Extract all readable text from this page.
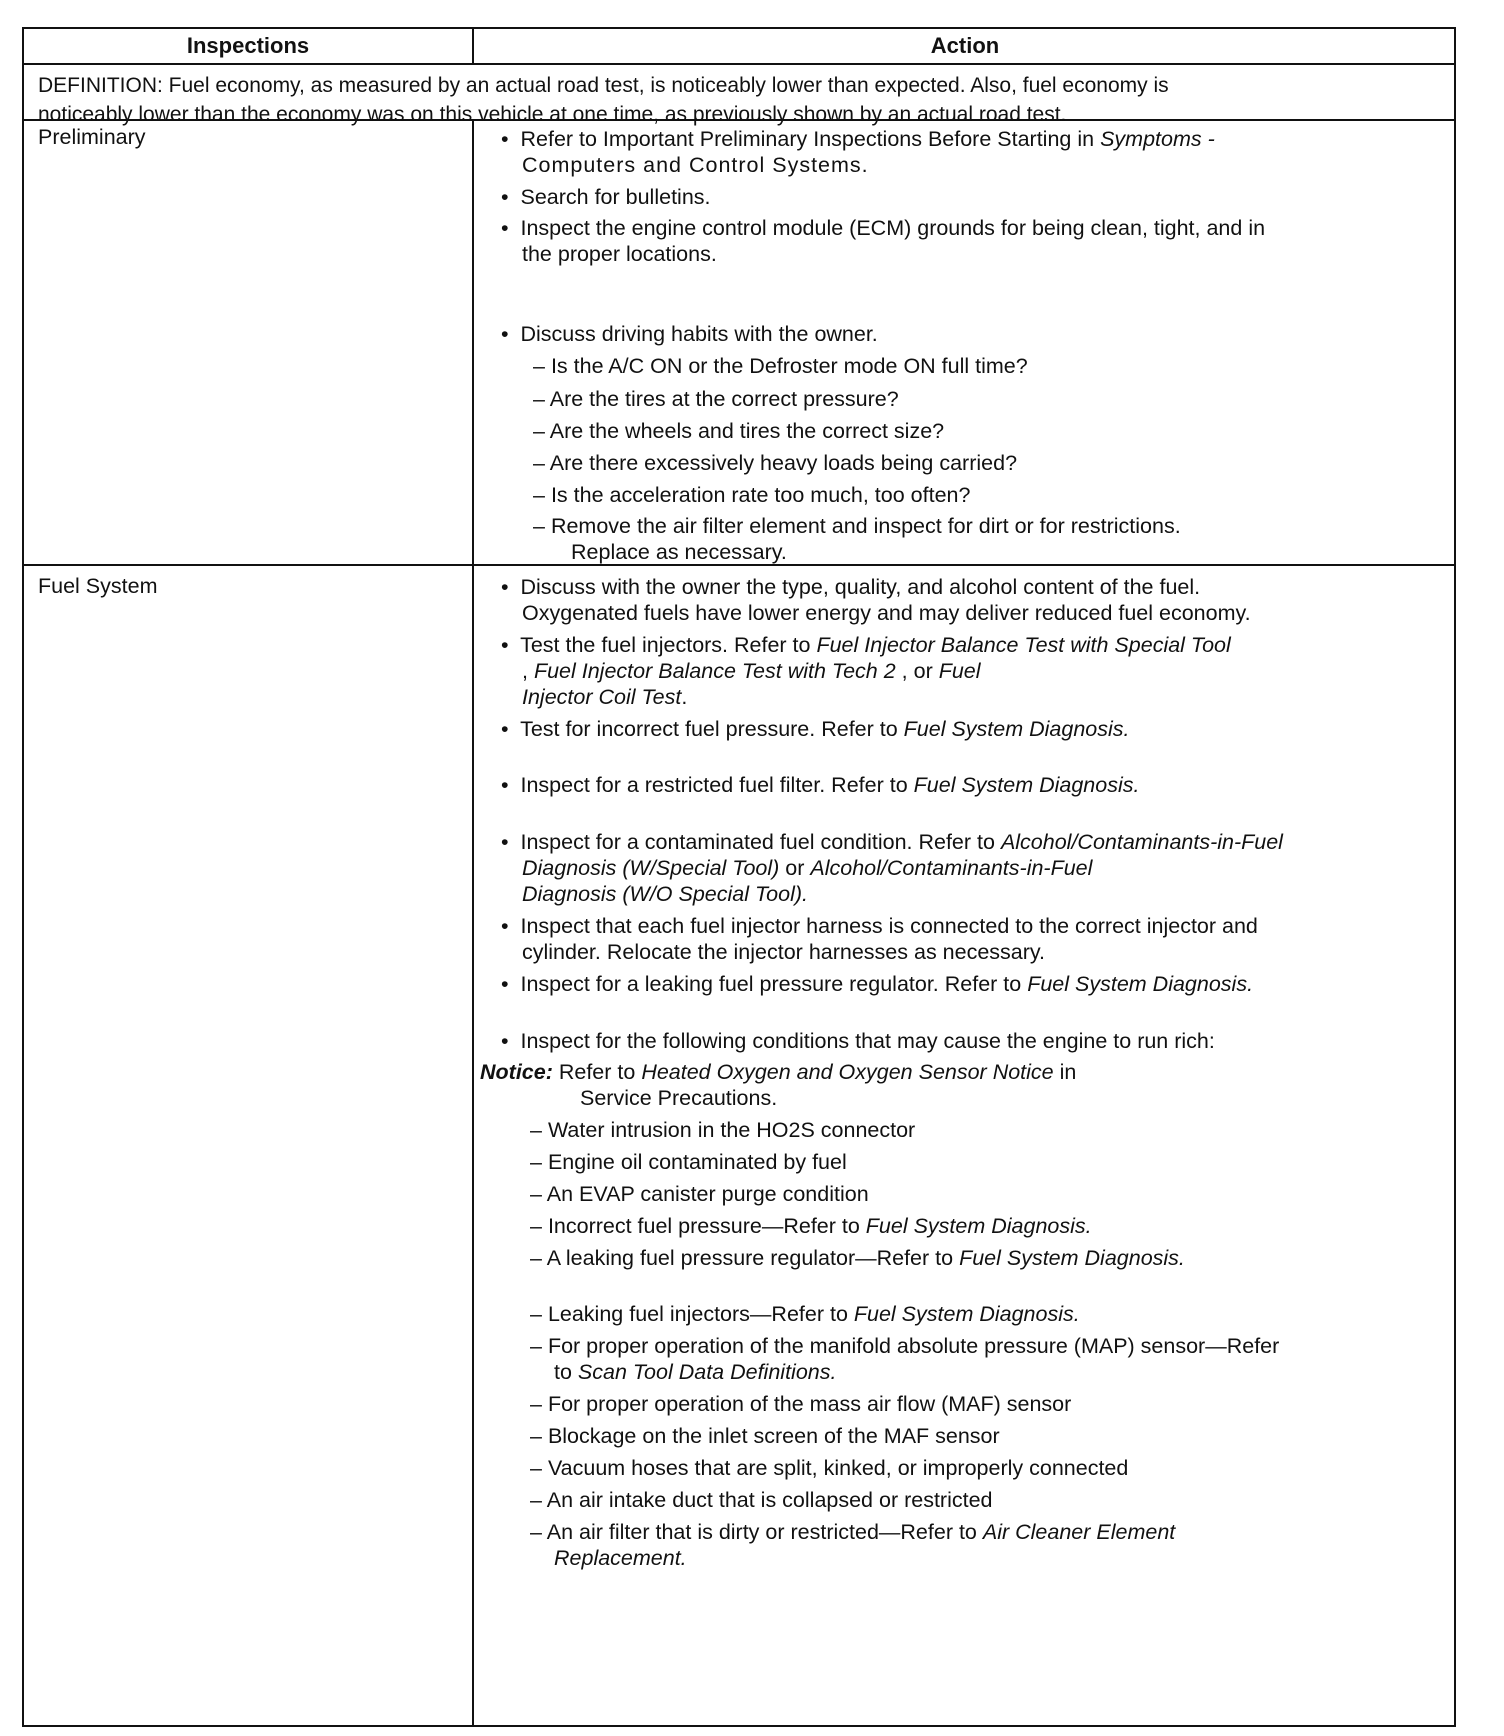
Inspections	Action
DEFINITION: Fuel economy, as measured by an actual road test, is noticeably lower than expected. Also, fuel economy is
noticeably lower than the economy was on this vehicle at one time, as previously shown by an actual road test.
Preliminary	•  Refer to Important Preliminary Inspections Before Starting in Symptoms -
Computers and Control Systems.
•  Search for bulletins.
•  Inspect the engine control module (ECM) grounds for being clean, tight, and in
the proper locations.
•  Discuss driving habits with the owner.
– Is the A/C ON or the Defroster mode ON full time?
– Are the tires at the correct pressure?
– Are the wheels and tires the correct size?
– Are there excessively heavy loads being carried?
– Is the acceleration rate too much, too often?
– Remove the air filter element and inspect for dirt or for restrictions.
Replace as necessary.
Fuel System	•  Discuss with the owner the type, quality, and alcohol content of the fuel.
Oxygenated fuels have lower energy and may deliver reduced fuel economy.
•  Test the fuel injectors. Refer to Fuel Injector Balance Test with Special Tool
, Fuel Injector Balance Test with Tech 2 , or Fuel
Injector Coil Test.
•  Test for incorrect fuel pressure. Refer to Fuel System Diagnosis.
•  Inspect for a restricted fuel filter. Refer to Fuel System Diagnosis.
•  Inspect for a contaminated fuel condition. Refer to Alcohol/Contaminants-in-Fuel
Diagnosis (W/Special Tool) or Alcohol/Contaminants-in-Fuel
Diagnosis (W/O Special Tool).
•  Inspect that each fuel injector harness is connected to the correct injector and
cylinder. Relocate the injector harnesses as necessary.
•  Inspect for a leaking fuel pressure regulator. Refer to Fuel System Diagnosis.
•  Inspect for the following conditions that may cause the engine to run rich:
Notice: Refer to Heated Oxygen and Oxygen Sensor Notice in
Service Precautions.
– Water intrusion in the HO2S connector
– Engine oil contaminated by fuel
– An EVAP canister purge condition
– Incorrect fuel pressure—Refer to Fuel System Diagnosis.
– A leaking fuel pressure regulator—Refer to Fuel System Diagnosis.
– Leaking fuel injectors—Refer to Fuel System Diagnosis.
– For proper operation of the manifold absolute pressure (MAP) sensor—Refer
to Scan Tool Data Definitions.
– For proper operation of the mass air flow (MAF) sensor
– Blockage on the inlet screen of the MAF sensor
– Vacuum hoses that are split, kinked, or improperly connected
– An air intake duct that is collapsed or restricted
– An air filter that is dirty or restricted—Refer to Air Cleaner Element
Replacement.
